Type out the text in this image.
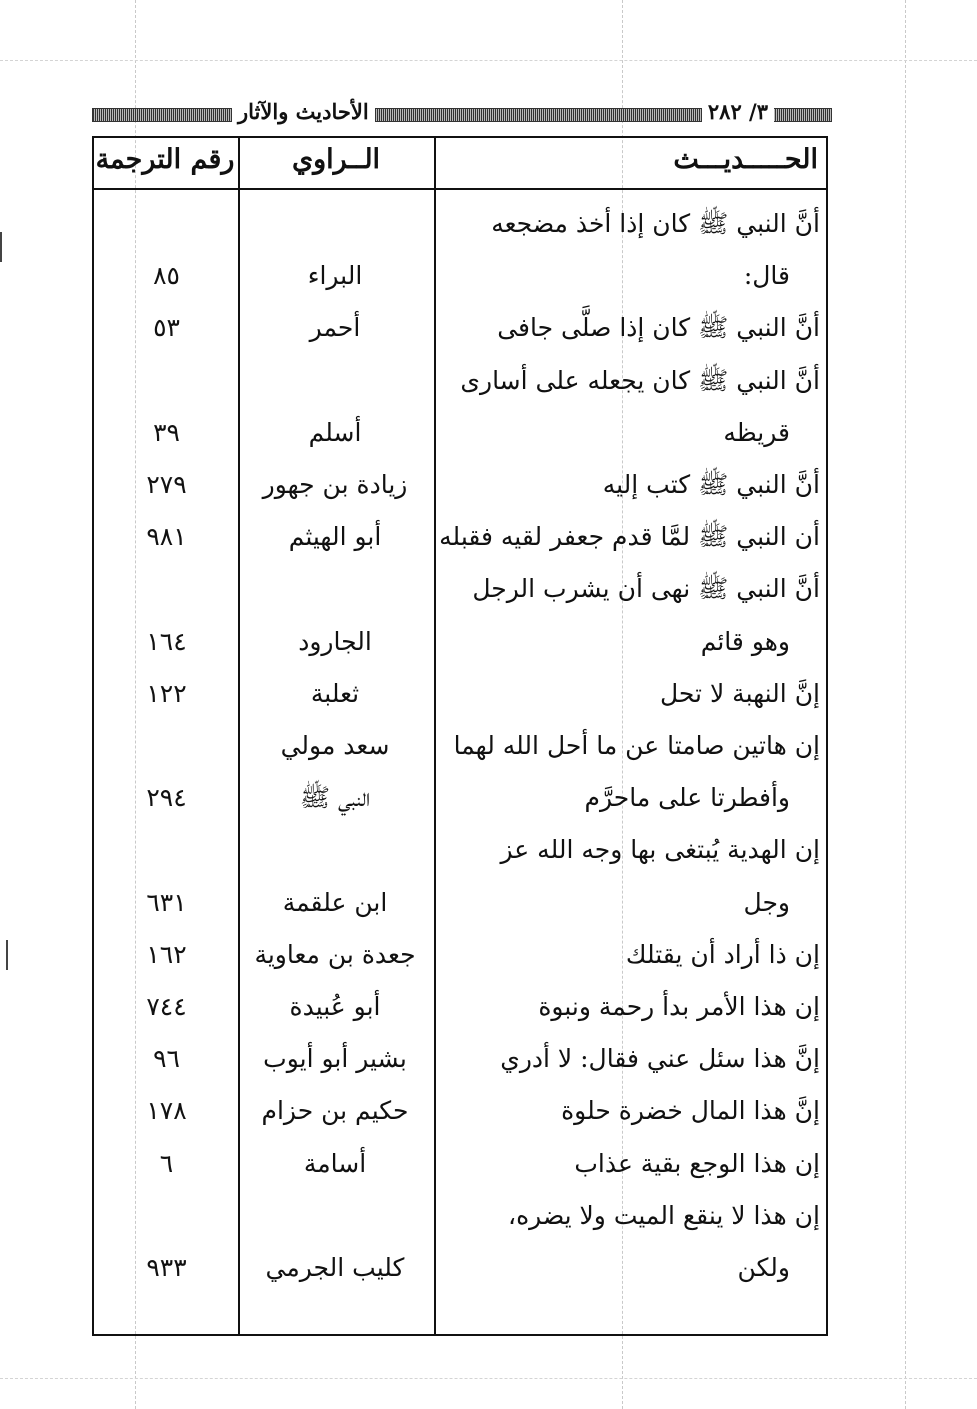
٣/ ٢٨٢
الأحاديث والآثار
الحـــــديـــث
الــراوي
رقم الترجمة
أنَّ النبي ﷺ كان إذا أخذ مضجعه
قال:
البراء
٨٥
أنَّ النبي ﷺ كان إذا صلَّى جافى
أحمر
٥٣
أنَّ النبي ﷺ كان يجعله على أسارى
قريظه
أسلم
٣٩
أنَّ النبي ﷺ كتب إليه
زيادة بن جهور
٢٧٩
أن النبي ﷺ لمَّا قدم جعفر لقيه فقبله
أبو الهيثم
٩٨١
أنَّ النبي ﷺ نهى أن يشرب الرجل
وهو قائم
الجارود
١٦٤
إنَّ النهبة لا تحل
ثعلبة
١٢٢
إن هاتين صامتا عن ما أحل الله لهما
سعد مولي
وأفطرتا على ماحرَّم
النبي ﷺ
٢٩٤
إن الهدية يُبتغى بها وجه الله عز
وجل
ابن علقمة
٦٣١
إن ذا أراد أن يقتلك
جعدة بن معاوية
١٦٢
إن هذا الأمر بدأ رحمة ونبوة
أبو عُبيدة
٧٤٤
إنَّ هذا سئل عني فقال: لا أدري
بشير أبو أيوب
٩٦
إنَّ هذا المال خضرة حلوة
حكيم بن حزام
١٧٨
إن هذا الوجع بقية عذاب
أسامة
٦
إن هذا لا ينقع الميت ولا يضره،
ولكن
كليب الجرمي
٩٣٣
